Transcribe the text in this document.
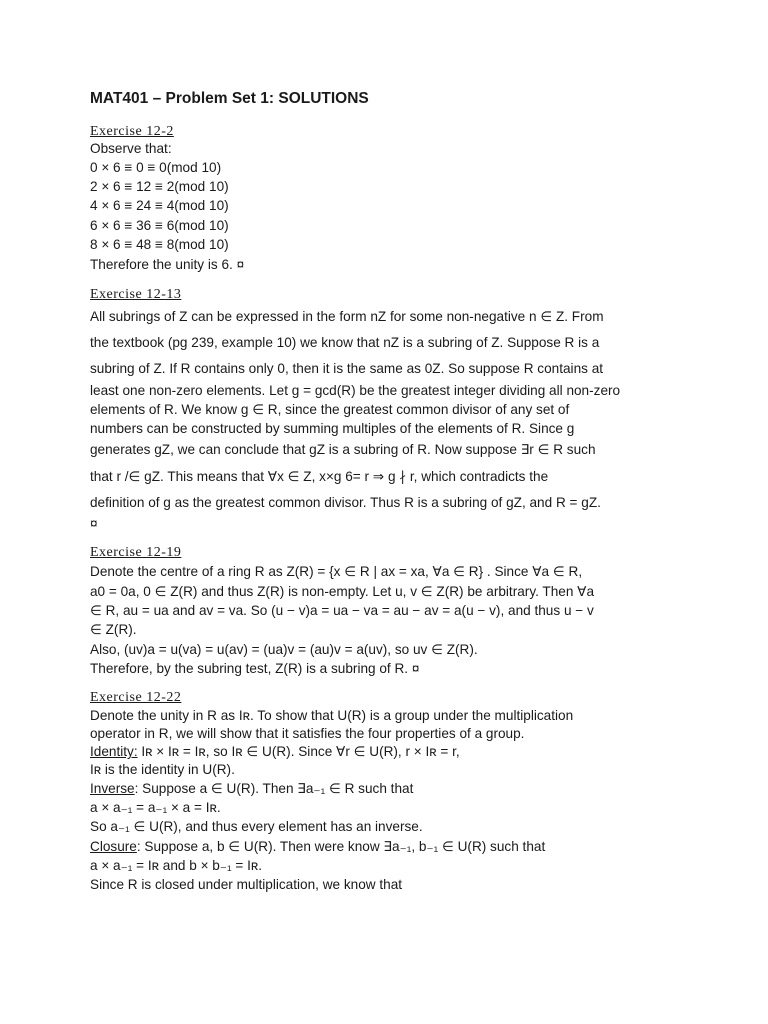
MAT401 – Problem Set 1: SOLUTIONS
Exercise 12-2
Observe that:
0 × 6 ≡ 0 ≡ 0(mod 10)
2 × 6 ≡ 12 ≡ 2(mod 10)
4 × 6 ≡ 24 ≡ 4(mod 10)
6 × 6 ≡ 36 ≡ 6(mod 10)
8 × 6 ≡ 48 ≡ 8(mod 10)
Therefore the unity is 6. ¤
Exercise 12-13
All subrings of Z can be expressed in the form nZ for some non-negative n ∈ Z. From
the textbook (pg 239, example 10) we know that nZ is a subring of Z. Suppose R is a
subring of Z. If R contains only 0, then it is the same as 0Z. So suppose R contains at
least one non-zero elements. Let g = gcd(R) be the greatest integer dividing all non-zero
elements of R. We know g ∈ R, since the greatest common divisor of any set of
numbers can be constructed by summing multiples of the elements of R. Since g
generates gZ, we can conclude that gZ is a subring of R. Now suppose ∃r ∈ R such
that r /∈ gZ. This means that ∀x ∈ Z, x×g 6= r ⇒ g ∤ r, which contradicts the
definition of g as the greatest common divisor. Thus R is a subring of gZ, and R = gZ.
¤
Exercise 12-19
Denote the centre of a ring R as Z(R) = {x ∈ R | ax = xa, ∀a ∈ R} . Since ∀a ∈ R,
a0 = 0a, 0 ∈ Z(R) and thus Z(R) is non-empty. Let u, v ∈ Z(R) be arbitrary. Then ∀a
∈ R, au = ua and av = va. So (u − v)a = ua − va = au − av = a(u − v), and thus u − v
∈ Z(R).
Also, (uv)a = u(va) = u(av) = (ua)v = (au)v = a(uv), so uv ∈ Z(R).
Therefore, by the subring test, Z(R) is a subring of R. ¤
Exercise 12-22
Denote the unity in R as Iʀ. To show that U(R) is a group under the multiplication
operator in R, we will show that it satisfies the four properties of a group.
Identity: Iʀ × Iʀ = Iʀ, so Iʀ ∈ U(R). Since ∀r ∈ U(R), r × Iʀ = r,
Iʀ is the identity in U(R).
Inverse: Suppose a ∈ U(R). Then ∃a₋₁ ∈ R such that
a × a₋₁ = a₋₁ × a = Iʀ.
So a₋₁ ∈ U(R), and thus every element has an inverse.
Closure: Suppose a, b ∈ U(R). Then were know ∃a₋₁, b₋₁ ∈ U(R) such that
a × a₋₁ = Iʀ and b × b₋₁ = Iʀ.
Since R is closed under multiplication, we know that
